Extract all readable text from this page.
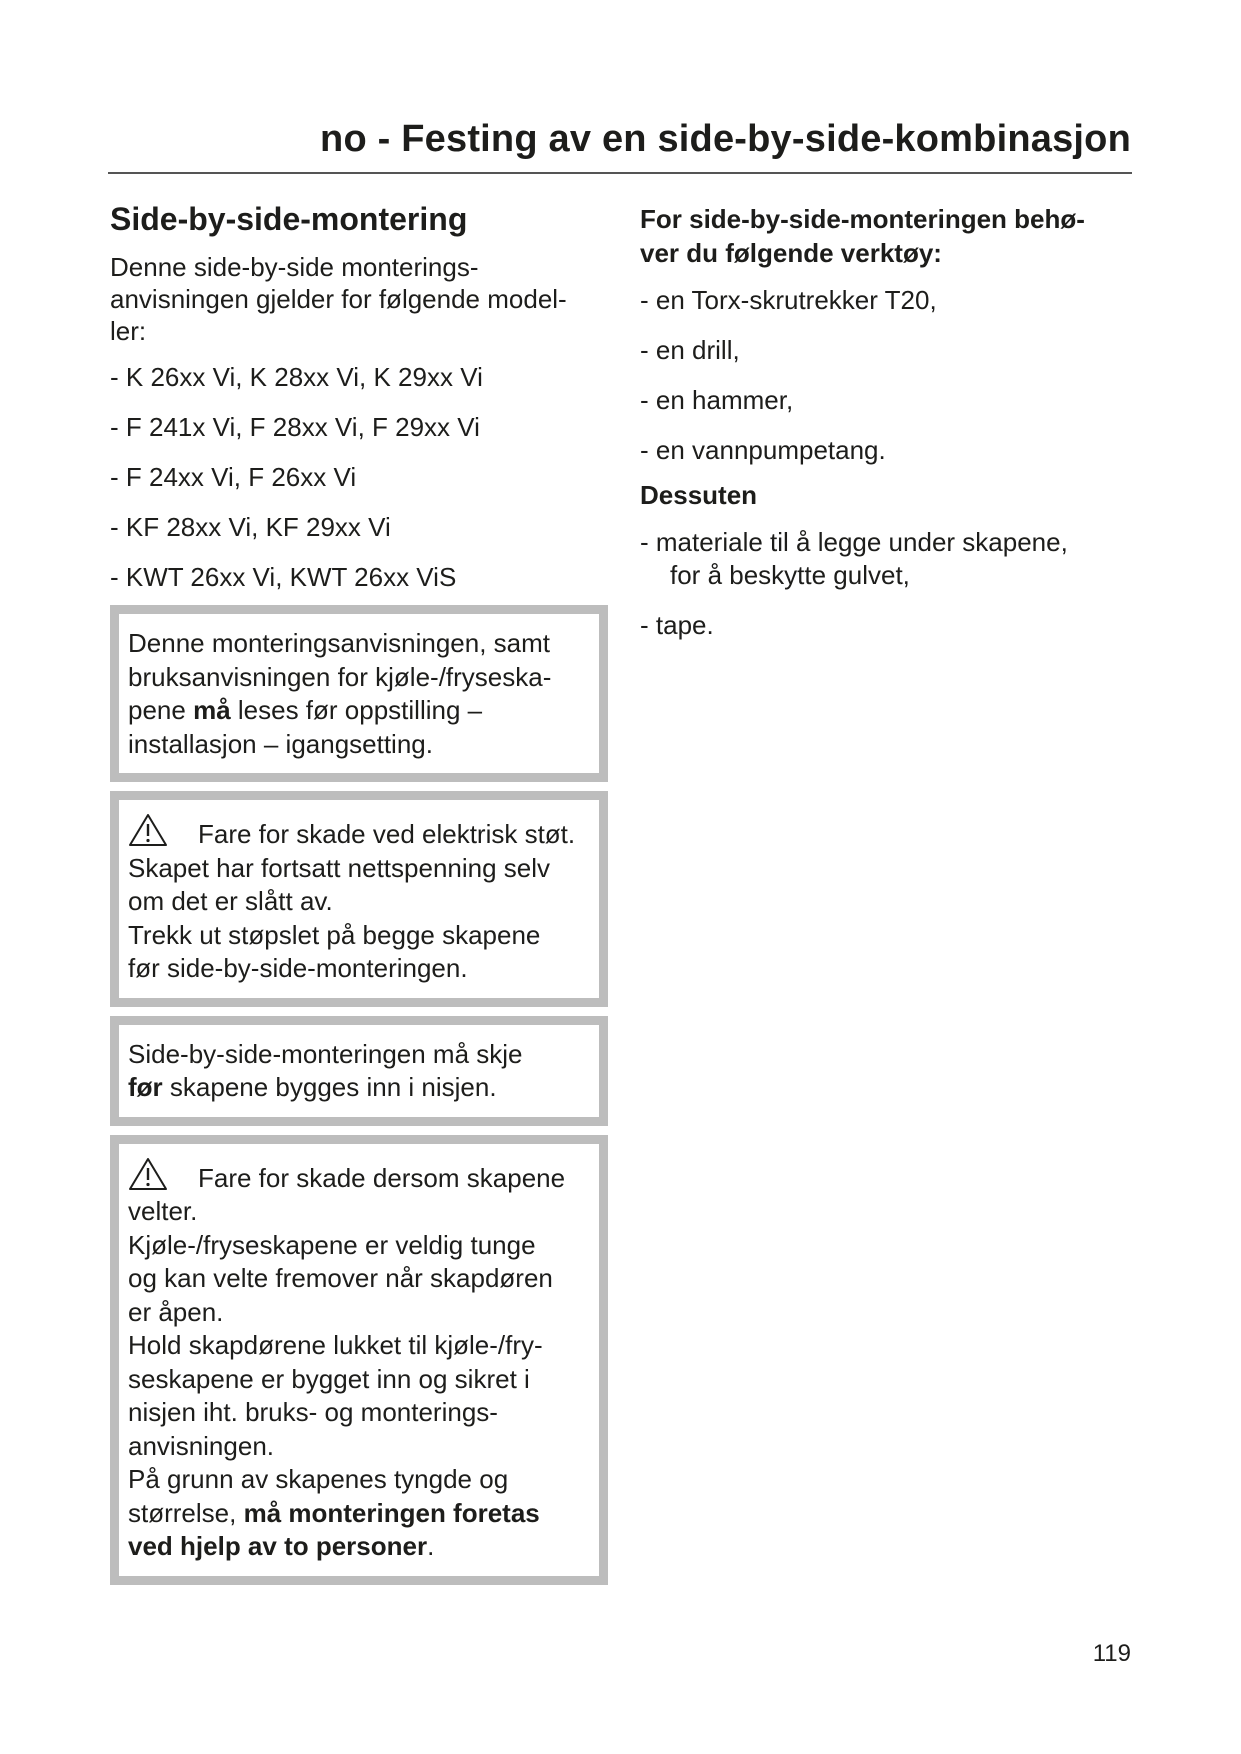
no - Festing av en side-by-side-kombinasjon
Side-by-side-montering

Denne side-by-side monterings-
anvisningen gjelder for følgende model-
ler:

- K 26xx Vi, K 28xx Vi, K 29xx Vi
- F 241x Vi, F 28xx Vi, F 29xx Vi
- F 24xx Vi, F 26xx Vi
- KF 28xx Vi, KF 29xx Vi
- KWT 26xx Vi, KWT 26xx ViS

Denne monteringsanvisningen, samt
bruksanvisningen for kjøle-/fryseska-
pene må leses før oppstilling –
installasjon – igangsetting.

Fare for skade ved elektrisk støt.
Skapet har fortsatt nettspenning selv
om det er slått av.
Trekk ut støpslet på begge skapene
før side-by-side-monteringen.

Side-by-side-monteringen må skje
før skapene bygges inn i nisjen.

Fare for skade dersom skapene
velter.
Kjøle-/fryseskapene er veldig tunge
og kan velte fremover når skapdøren
er åpen.
Hold skapdørene lukket til kjøle-/fry-
seskapene er bygget inn og sikret i
nisjen iht. bruks- og monterings-
anvisningen.
På grunn av skapenes tyngde og
størrelse, må monteringen foretas
ved hjelp av to personer.

For side-by-side-monteringen behø-
ver du følgende verktøy:

- en Torx-skrutrekker T20,
- en drill,
- en hammer,
- en vannpumpetang.

Dessuten

- materiale til å legge under skapene,
for å beskytte gulvet,
- tape.
119
